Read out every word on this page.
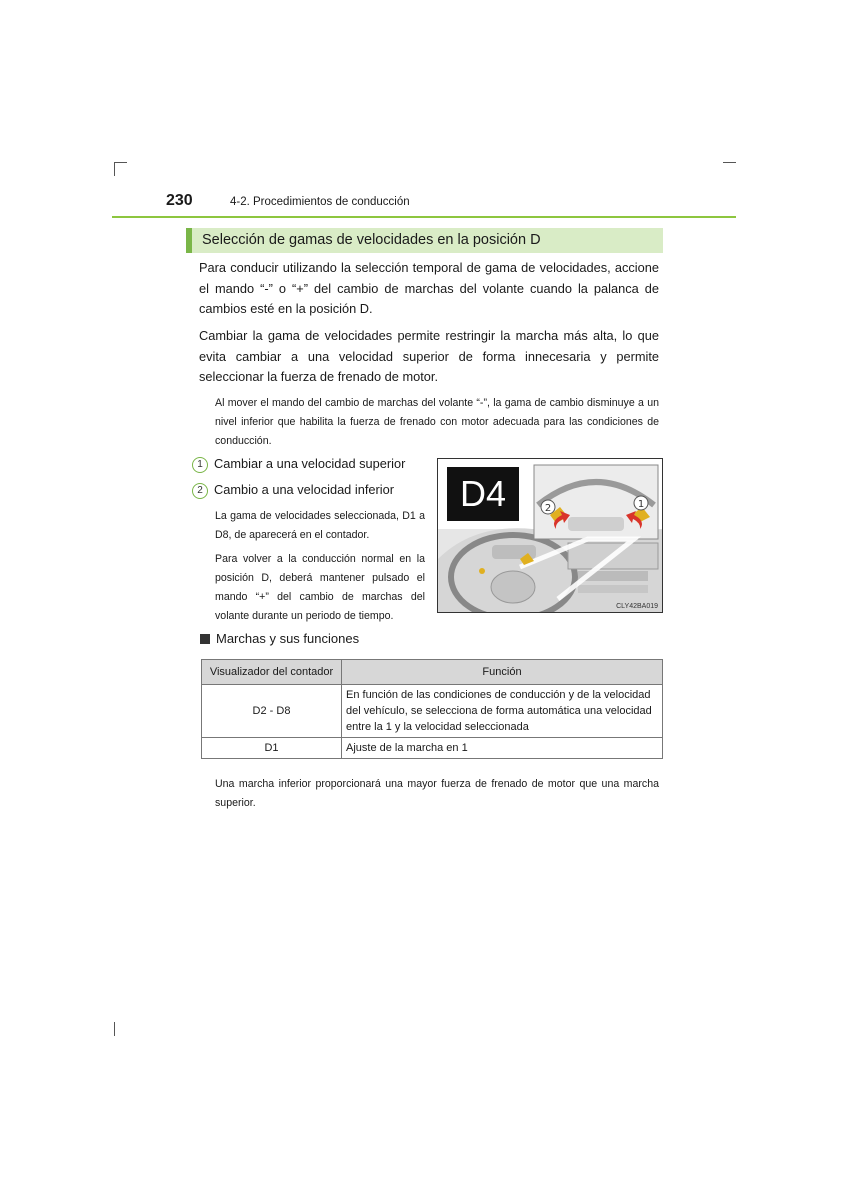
230	4-2. Procedimientos de conducción
Selección de gamas de velocidades en la posición D
Para conducir utilizando la selección temporal de gama de velocidades, accione el mando “-” o “+” del cambio de marchas del volante cuando la palanca de cambios esté en la posición D.
Cambiar la gama de velocidades permite restringir la marcha más alta, lo que evita cambiar a una velocidad superior de forma innecesaria y permite seleccionar la fuerza de frenado de motor.
Al mover el mando del cambio de marchas del volante “-”, la gama de cambio disminuye a un nivel inferior que habilita la fuerza de frenado con motor adecuada para las condiciones de conducción.
1 Cambiar a una velocidad superior
2 Cambio a una velocidad inferior
La gama de velocidades seleccionada, D1 a D8, de aparecerá en el contador.
Para volver a la conducción normal en la posición D, deberá mantener pulsado el mando “+” del cambio de marchas del volante durante un periodo de tiempo.
2	1
D4
CLY42BA019
Marchas y sus funciones
Visualizador del contador	Función
D2 - D8	En función de las condiciones de conducción y de la velocidad del vehículo, se selecciona de forma automática una velocidad entre la 1 y la velocidad seleccionada
D1	Ajuste de la marcha en 1
Una marcha inferior proporcionará una mayor fuerza de frenado de motor que una marcha superior.
